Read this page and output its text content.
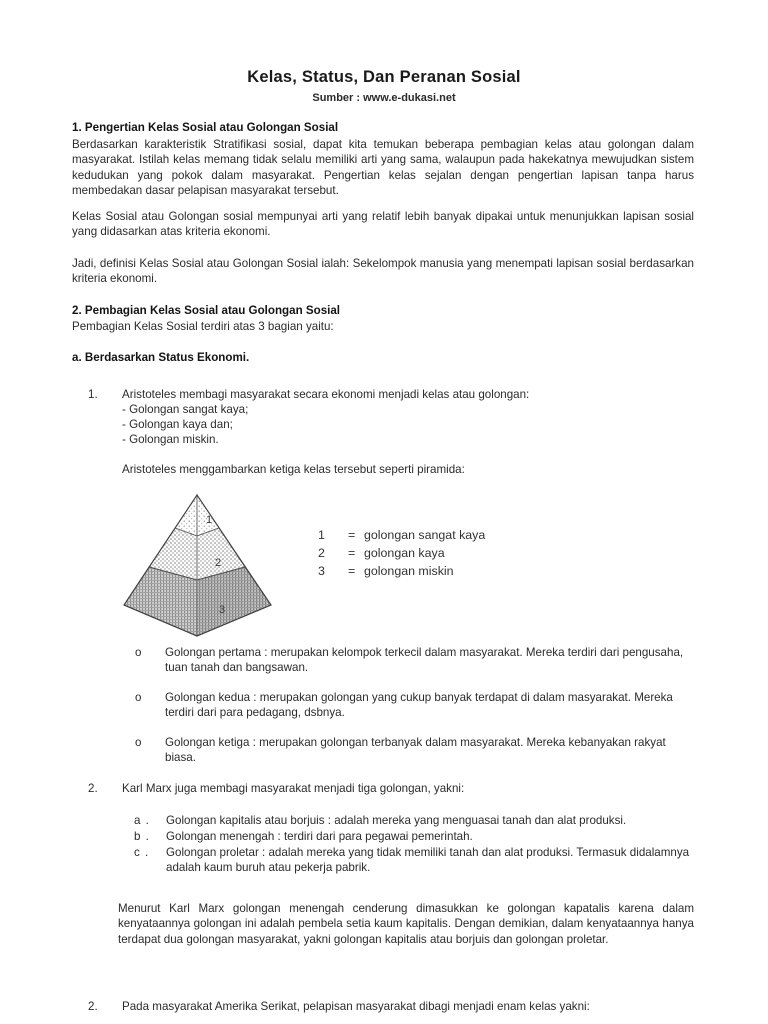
Kelas, Status, Dan Peranan Sosial
Sumber : www.e-dukasi.net
1. Pengertian Kelas Sosial atau Golongan Sosial
Berdasarkan karakteristik Stratifikasi sosial, dapat kita temukan beberapa pembagian kelas atau golongan dalam masyarakat. Istilah kelas memang tidak selalu memiliki arti yang sama, walaupun pada hakekatnya mewujudkan sistem kedudukan yang pokok dalam masyarakat. Pengertian kelas sejalan dengan pengertian lapisan tanpa harus membedakan dasar pelapisan masyarakat tersebut.
Kelas Sosial atau Golongan sosial mempunyai arti yang relatif lebih banyak dipakai untuk menunjukkan lapisan sosial yang didasarkan atas kriteria ekonomi.
Jadi, definisi Kelas Sosial atau Golongan Sosial ialah: Sekelompok manusia yang menempati lapisan sosial berdasarkan kriteria ekonomi.
2. Pembagian Kelas Sosial atau Golongan Sosial
Pembagian Kelas Sosial terdiri atas 3 bagian yaitu:
a. Berdasarkan Status Ekonomi.
1.	Aristoteles membagi masyarakat secara ekonomi menjadi kelas atau golongan:
- Golongan sangat kaya;
- Golongan kaya dan;
- Golongan miskin.
Aristoteles menggambarkan ketiga kelas tersebut seperti piramida:
1
2
3
1 = golongan sangat kaya
2 = golongan kaya
3 = golongan miskin
o	Golongan pertama : merupakan kelompok terkecil dalam masyarakat. Mereka terdiri dari pengusaha, tuan tanah dan bangsawan.
o	Golongan kedua : merupakan golongan yang cukup banyak terdapat di dalam masyarakat. Mereka terdiri dari para pedagang, dsbnya.
o	Golongan ketiga : merupakan golongan terbanyak dalam masyarakat. Mereka kebanyakan rakyat biasa.
2.	Karl Marx juga membagi masyarakat menjadi tiga golongan, yakni:
a .	Golongan kapitalis atau borjuis : adalah mereka yang menguasai tanah dan alat produksi.
b .	Golongan menengah : terdiri dari para pegawai pemerintah.
c .	Golongan proletar : adalah mereka yang tidak memiliki tanah dan alat produksi. Termasuk didalamnya adalah kaum buruh atau pekerja pabrik.
Menurut Karl Marx golongan menengah cenderung dimasukkan ke golongan kapatalis karena dalam kenyataannya golongan ini adalah pembela setia kaum kapitalis. Dengan demikian, dalam kenyataannya hanya terdapat dua golongan masyarakat, yakni golongan kapitalis atau borjuis dan golongan proletar.
2.	Pada masyarakat Amerika Serikat, pelapisan masyarakat dibagi menjadi enam kelas yakni:
